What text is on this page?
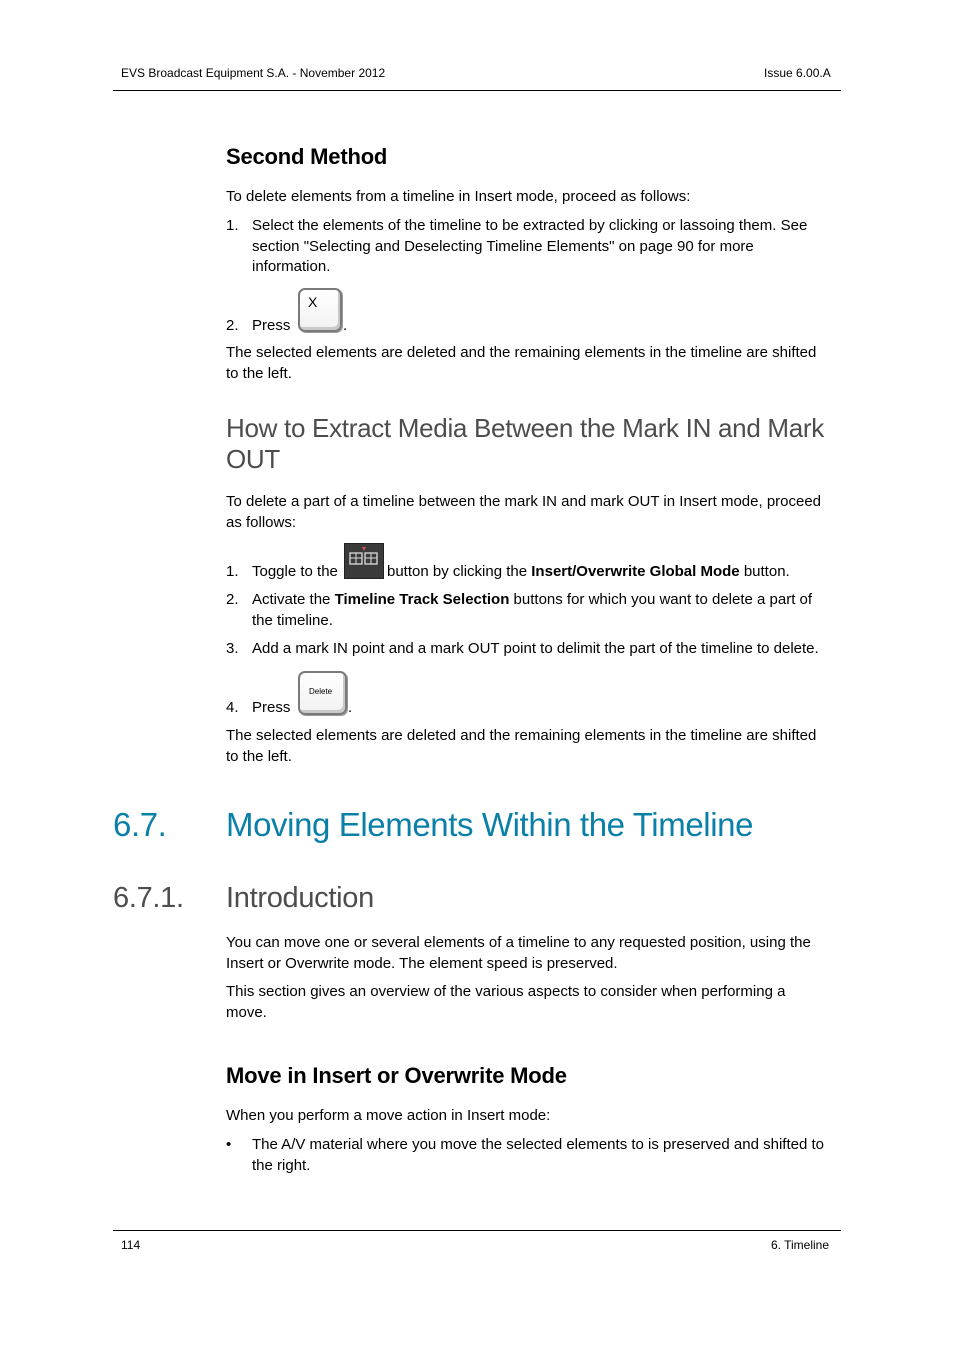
EVS Broadcast Equipment S.A. - November 2012	Issue 6.00.A
Second Method
To delete elements from a timeline in Insert mode, proceed as follows:
1. Select the elements of the timeline to be extracted by clicking or lassoing them. See
section "Selecting and Deselecting Timeline Elements" on page 90 for more
information.
2. Press
X
.
The selected elements are deleted and the remaining elements in the timeline are shifted
to the left.
How to Extract Media Between the Mark IN and Mark
OUT
To delete a part of a timeline between the mark IN and mark OUT in Insert mode, proceed
as follows:
1. Toggle to the	button by clicking the Insert/Overwrite Global Mode button.
2. Activate the Timeline Track Selection buttons for which you want to delete a part of
the timeline.
3. Add a mark IN point and a mark OUT point to delimit the part of the timeline to delete.
4. Press
Delete
.
The selected elements are deleted and the remaining elements in the timeline are shifted
to the left.
6.7. Moving Elements Within the Timeline
6.7.1. Introduction
You can move one or several elements of a timeline to any requested position, using the
Insert or Overwrite mode. The element speed is preserved.
This section gives an overview of the various aspects to consider when performing a
move.
Move in Insert or Overwrite Mode
When you perform a move action in Insert mode:
• The A/V material where you move the selected elements to is preserved and shifted to
the right.
114	6. Timeline
